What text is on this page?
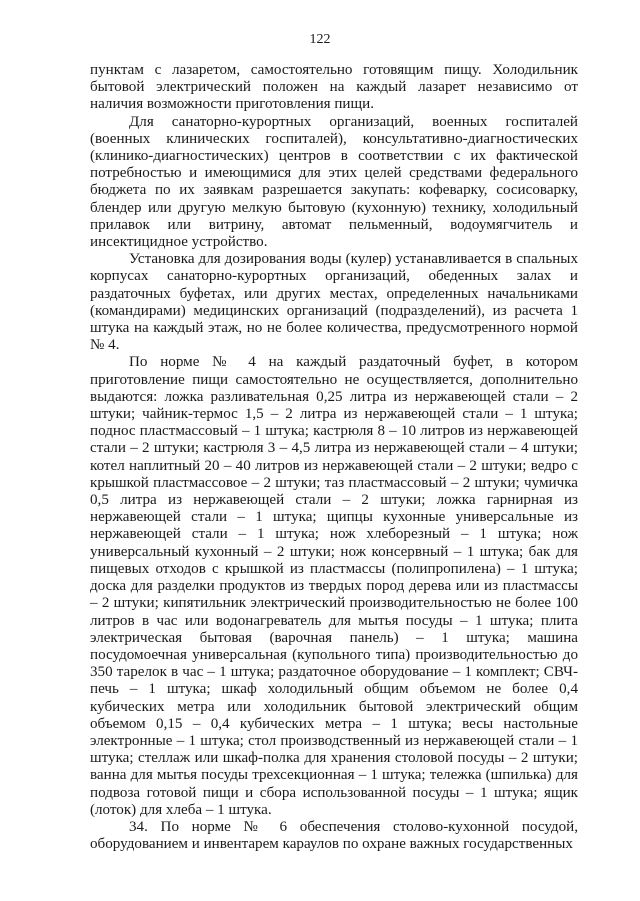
122

пунктам с лазаретом, самостоятельно готовящим пищу. Холодильник бытовой электрический положен на каждый лазарет независимо от наличия возможности приготовления пищи.

Для санаторно-курортных организаций, военных госпиталей (военных клинических госпиталей), консультативно-диагностических (клинико-диагностических) центров в соответствии с их фактической потребностью и имеющимися для этих целей средствами федерального бюджета по их заявкам разрешается закупать: кофеварку, сосисоварку, блендер или другую мелкую бытовую (кухонную) технику, холодильный прилавок или витрину, автомат пельменный, водоумягчитель и инсектицидное устройство.

Установка для дозирования воды (кулер) устанавливается в спальных корпусах санаторно-курортных организаций, обеденных залах и раздаточных буфетах, или других местах, определенных начальниками (командирами) медицинских организаций (подразделений), из расчета 1 штука на каждый этаж, но не более количества, предусмотренного нормой № 4.

По норме № 4 на каждый раздаточный буфет, в котором приготовление пищи самостоятельно не осуществляется, дополнительно выдаются: ложка разливательная 0,25 литра из нержавеющей стали – 2 штуки; чайник-термос 1,5 – 2 литра из нержавеющей стали – 1 штука; поднос пластмассовый – 1 штука; кастрюля 8 – 10 литров из нержавеющей стали – 2 штуки; кастрюля 3 – 4,5 литра из нержавеющей стали – 4 штуки; котел наплитный 20 – 40 литров из нержавеющей стали – 2 штуки; ведро с крышкой пластмассовое – 2 штуки; таз пластмассовый – 2 штуки; чумичка 0,5 литра из нержавеющей стали – 2 штуки; ложка гарнирная из нержавеющей стали – 1 штука; щипцы кухонные универсальные из нержавеющей стали – 1 штука; нож хлеборезный – 1 штука; нож универсальный кухонный – 2 штуки; нож консервный – 1 штука; бак для пищевых отходов с крышкой из пластмассы (полипропилена) – 1 штука; доска для разделки продуктов из твердых пород дерева или из пластмассы – 2 штуки; кипятильник электрический производительностью не более 100 литров в час или водонагреватель для мытья посуды – 1 штука; плита электрическая бытовая (варочная панель) – 1 штука; машина посудомоечная универсальная (купольного типа) производительностью до 350 тарелок в час – 1 штука; раздаточное оборудование – 1 комплект; СВЧ-печь – 1 штука; шкаф холодильный общим объемом не более 0,4 кубических метра или холодильник бытовой электрический общим объемом 0,15 – 0,4 кубических метра – 1 штука; весы настольные электронные – 1 штука; стол производственный из нержавеющей стали – 1 штука; стеллаж или шкаф-полка для хранения столовой посуды – 2 штуки; ванна для мытья посуды трехсекционная – 1 штука; тележка (шпилька) для подвоза готовой пищи и сбора использованной посуды – 1 штука; ящик (лоток) для хлеба – 1 штука.

34. По норме № 6 обеспечения столово-кухонной посудой, оборудованием и инвентарем караулов по охране важных государственных
